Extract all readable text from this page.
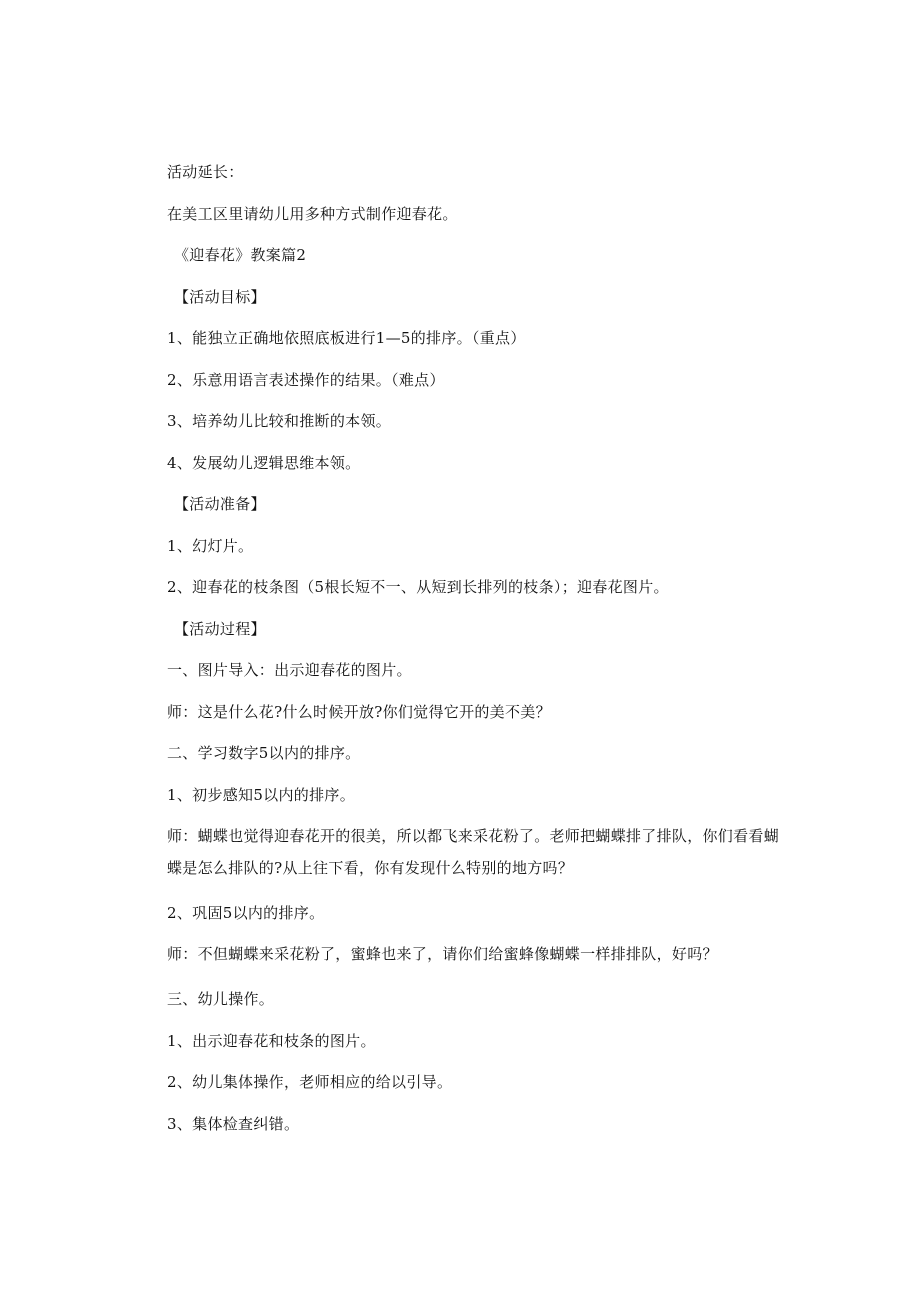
活动延长：
在美工区里请幼儿用多种方式制作迎春花。
《迎春花》教案篇2
【活动目标】
1、能独立正确地依照底板进行1—5的排序。（重点）
2、乐意用语言表述操作的结果。（难点）
3、培养幼儿比较和推断的本领。
4、发展幼儿逻辑思维本领。
【活动准备】
1、幻灯片。
2、迎春花的枝条图（5根长短不一、从短到长排列的枝条）；迎春花图片。
【活动过程】
一、图片导入：出示迎春花的图片。
师：这是什么花?什么时候开放?你们觉得它开的美不美？
二、学习数字5以内的排序。
1、初步感知5以内的排序。
师：蝴蝶也觉得迎春花开的很美，所以都飞来采花粉了。老师把蝴蝶排了排队，你们看看蝴蝶是怎么排队的?从上往下看，你有发现什么特别的地方吗？
2、巩固5以内的排序。
师：不但蝴蝶来采花粉了，蜜蜂也来了，请你们给蜜蜂像蝴蝶一样排排队，好吗？
三、幼儿操作。
1、出示迎春花和枝条的图片。
2、幼儿集体操作，老师相应的给以引导。
3、集体检查纠错。
